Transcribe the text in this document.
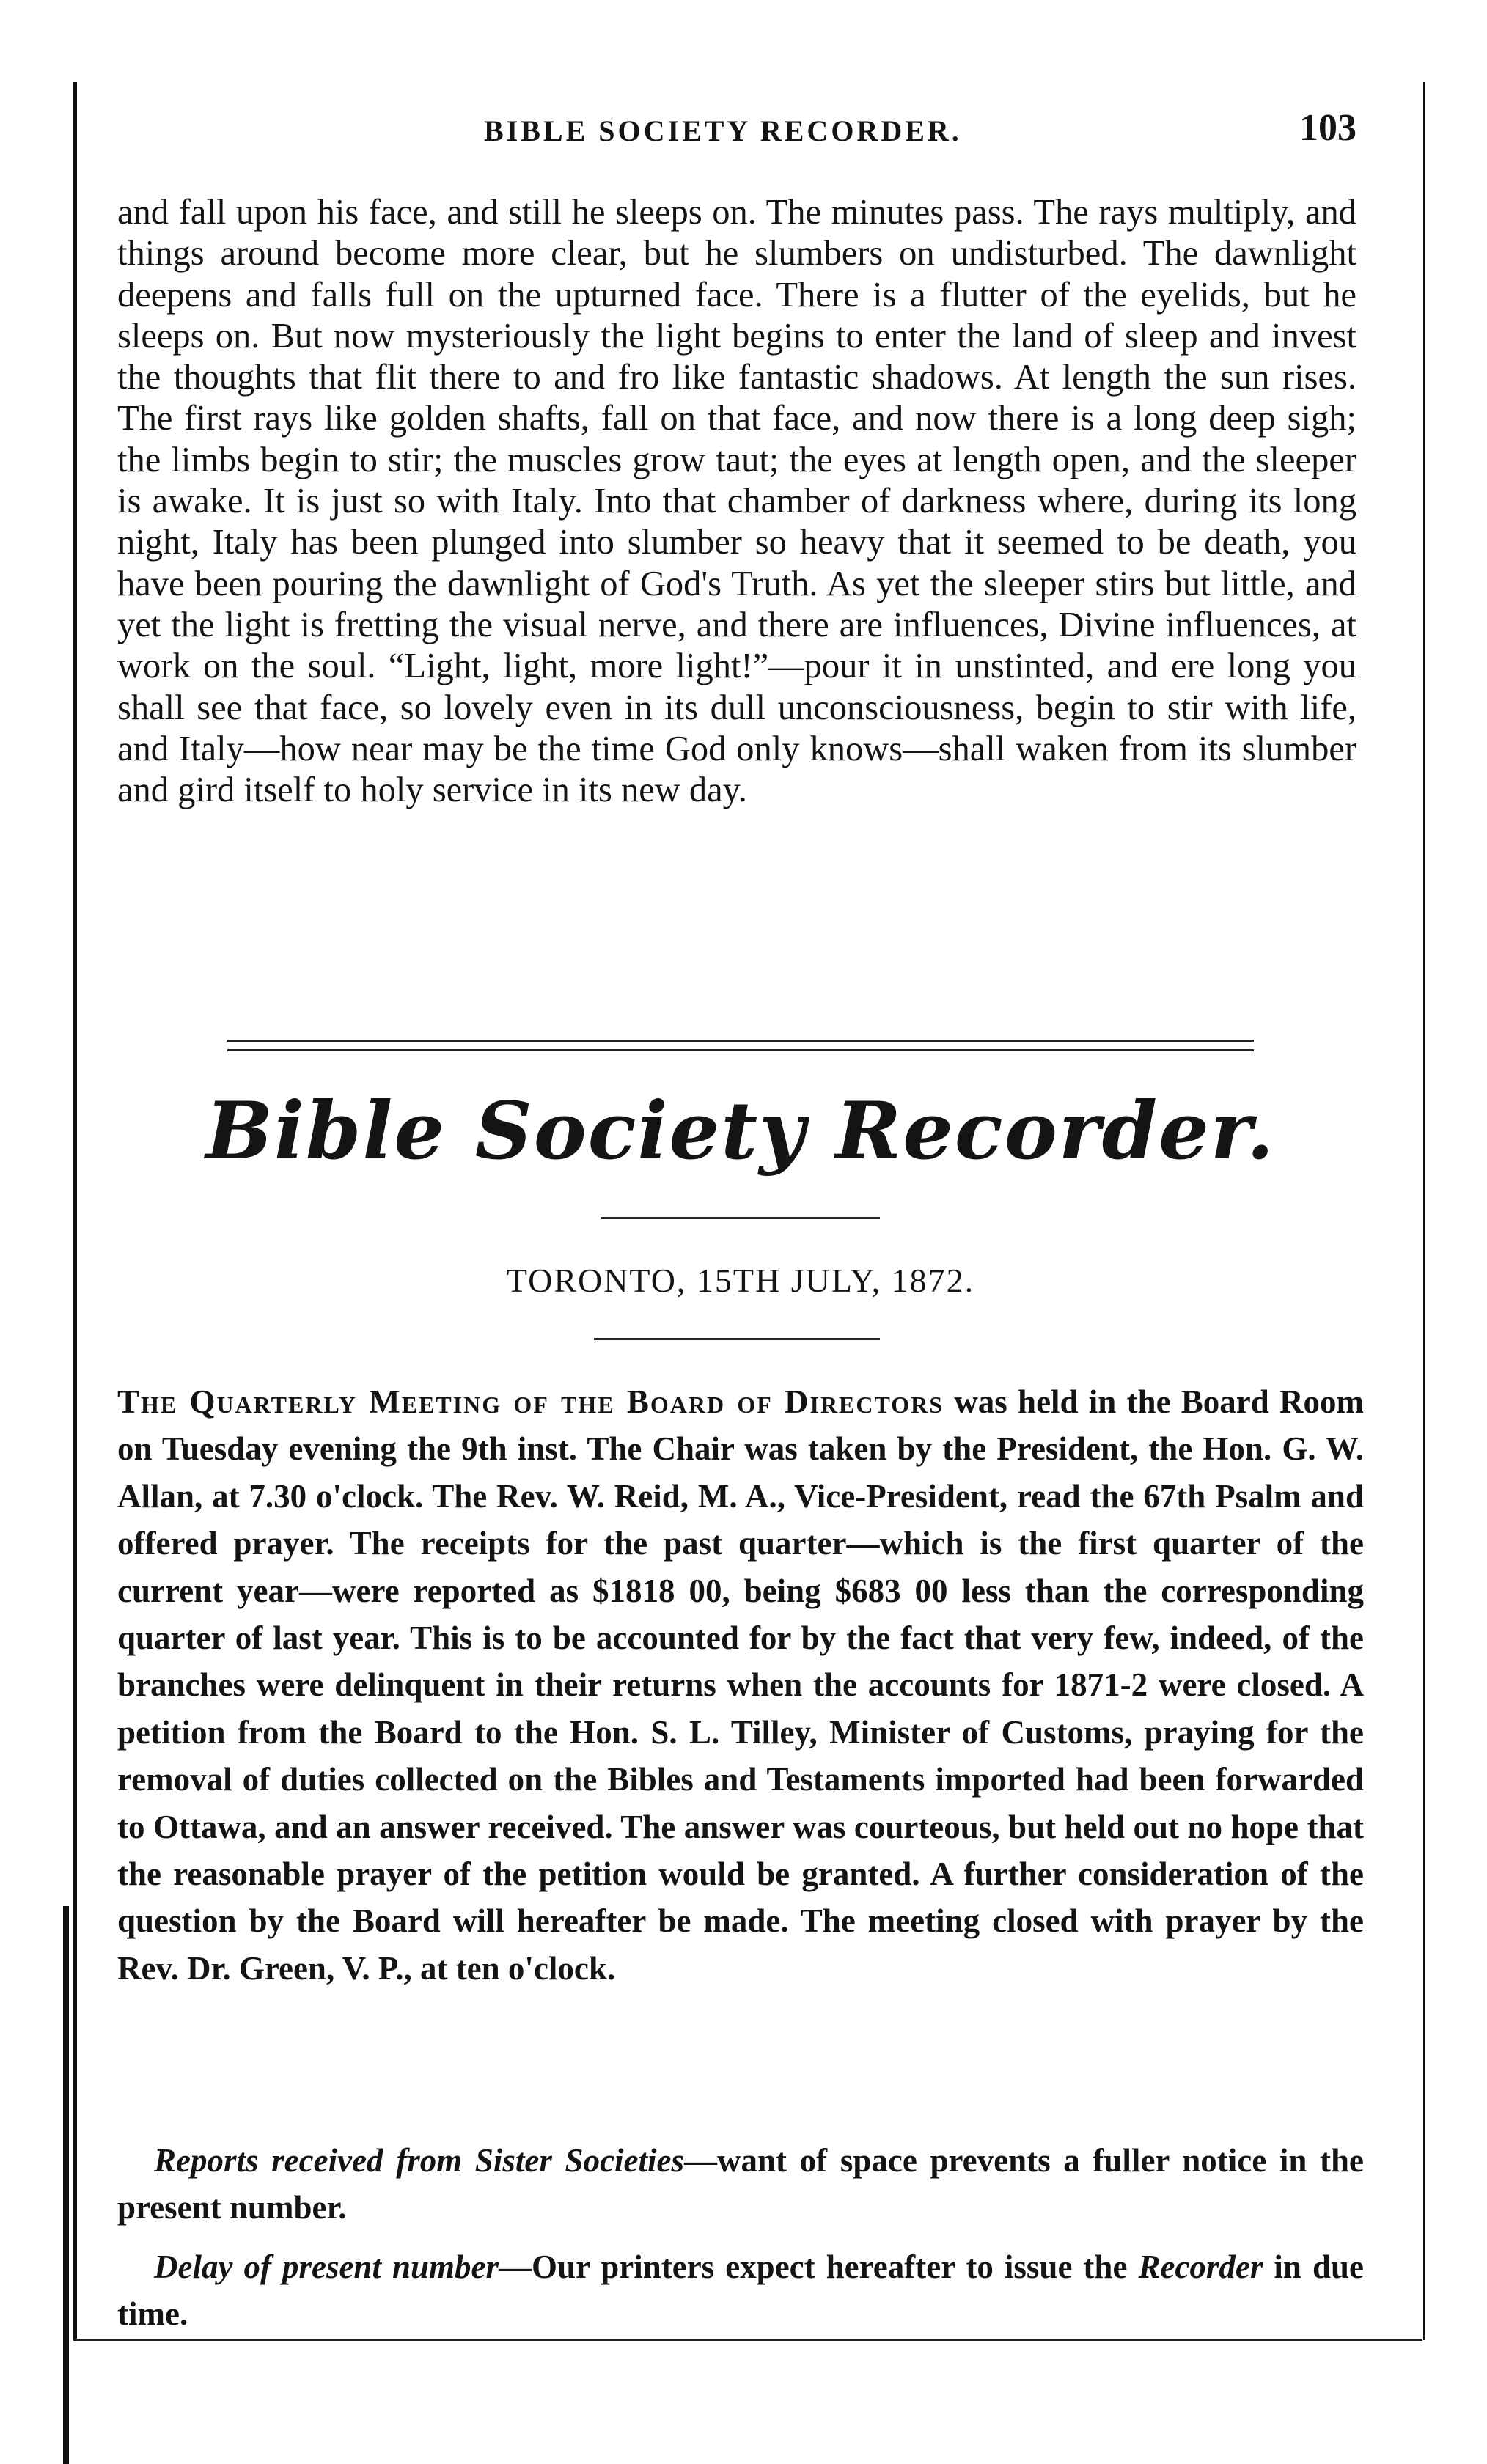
BIBLE SOCIETY RECORDER.	103

and fall upon his face, and still he sleeps on. The minutes pass. The rays multiply, and things around become more clear, but he slumbers on undisturbed. The dawnlight deepens and falls full on the upturned face. There is a flutter of the eyelids, but he sleeps on. But now mysteriously the light begins to enter the land of sleep and invest the thoughts that flit there to and fro like fantastic shadows. At length the sun rises. The first rays like golden shafts, fall on that face, and now there is a long deep sigh; the limbs begin to stir; the muscles grow taut; the eyes at length open, and the sleeper is awake. It is just so with Italy. Into that chamber of darkness where, during its long night, Italy has been plunged into slumber so heavy that it seemed to be death, you have been pouring the dawnlight of God's Truth. As yet the sleeper stirs but little, and yet the light is fretting the visual nerve, and there are influences, Divine influences, at work on the soul. “Light, light, more light!”—pour it in unstinted, and ere long you shall see that face, so lovely even in its dull unconsciousness, begin to stir with life, and Italy—how near may be the time God only knows—shall waken from its slumber and gird itself to holy service in its new day.

Bible Society Recorder.
TORONTO, 15TH JULY, 1872.

The Quarterly Meeting of the Board of Directors was held in the Board Room on Tuesday evening the 9th inst. The Chair was taken by the President, the Hon. G. W. Allan, at 7.30 o'clock. The Rev. W. Reid, M. A., Vice-President, read the 67th Psalm and offered prayer. The receipts for the past quarter—which is the first quarter of the current year—were reported as $1818 00, being $683 00 less than the corresponding quarter of last year. This is to be accounted for by the fact that very few, indeed, of the branches were delinquent in their returns when the accounts for 1871-2 were closed. A petition from the Board to the Hon. S. L. Tilley, Minister of Customs, praying for the removal of duties collected on the Bibles and Testaments imported had been forwarded to Ottawa, and an answer received. The answer was courteous, but held out no hope that the reasonable prayer of the petition would be granted. A further consideration of the question by the Board will hereafter be made. The meeting closed with prayer by the Rev. Dr. Green, V. P., at ten o'clock.

Reports received from Sister Societies—want of space prevents a fuller notice in the present number.

Delay of present number—Our printers expect hereafter to issue the Recorder in due time.
